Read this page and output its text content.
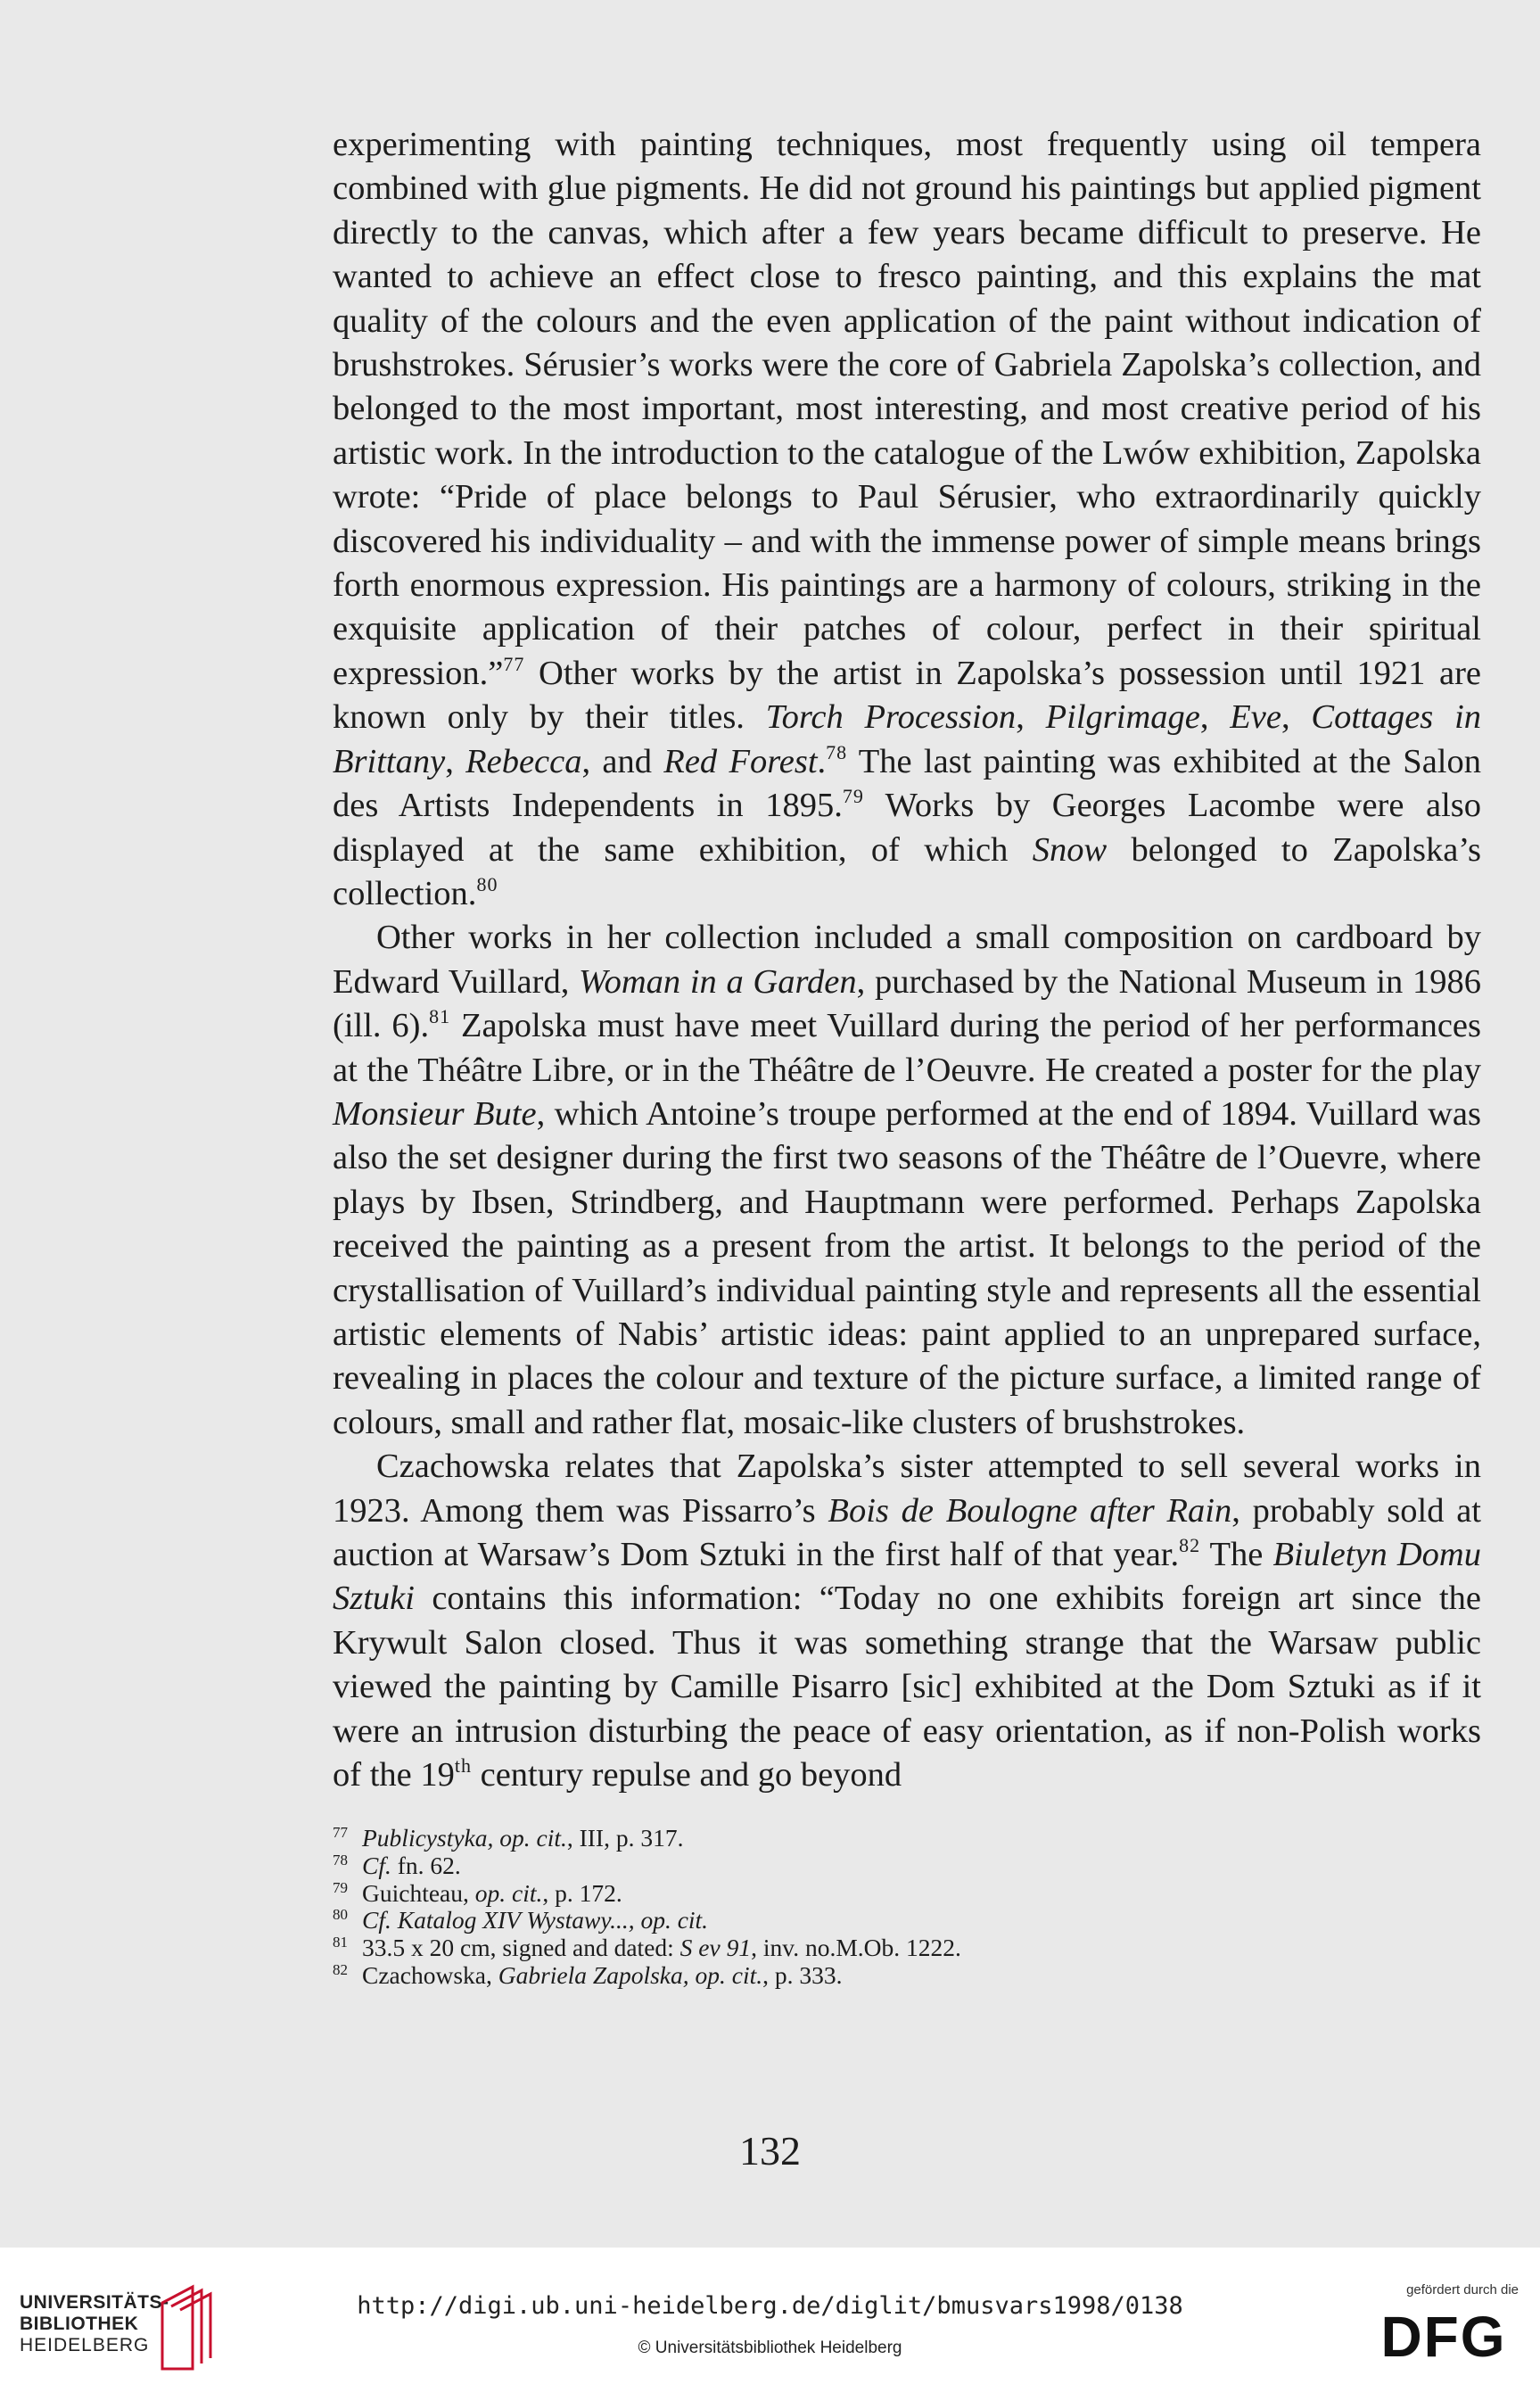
experimenting with painting techniques, most frequently using oil tempera combined with glue pigments. He did not ground his paintings but applied pigment directly to the canvas, which after a few years became difficult to preserve. He wanted to achieve an effect close to fresco painting, and this explains the mat quality of the colours and the even application of the paint without indication of brushstrokes. Sérusier’s works were the core of Gabriela Zapolska’s collection, and belonged to the most important, most interesting, and most creative period of his artistic work. In the introduction to the catalogue of the Lwów exhibition, Zapolska wrote: “Pride of place belongs to Paul Sérusier, who extraordinarily quickly discovered his individuality – and with the immense power of simple means brings forth enormous expression. His paintings are a harmony of colours, striking in the exquisite application of their patches of colour, perfect in their spiritual expression.”$^{77}$ Other works by the artist in Zapolska’s possession until 1921 are known only by their titles. Torch Procession, Pilgrimage, Eve, Cottages in Brittany, Rebecca, and Red Forest.$^{78}$ The last painting was exhibited at the Salon des Artists Independents in 1895.79 Works by Georges Lacombe were also displayed at the same exhibition, of which Snow belonged to Zapolska’s collection.$^{80}$

Other works in her collection included a small composition on cardboard by Edward Vuillard, Woman in a Garden, purchased by the National Museum in 1986 (ill. 6).$^{81}$ Zapolska must have meet Vuillard during the period of her performances at the Théâtre Libre, or in the Théâtre de l’Oeuvre. He created a poster for the play Monsieur Bute, which Antoine’s troupe performed at the end of 1894. Vuillard was also the set designer during the first two seasons of the Théâtre de l’Ouevre, where plays by Ibsen, Strindberg, and Hauptmann were performed. Perhaps Zapolska received the painting as a present from the artist. It belongs to the period of the crystallisation of Vuillard’s individual painting style and represents all the essential artistic elements of Nabis’ artistic ideas: paint applied to an unprepared surface, revealing in places the colour and texture of the picture surface, a limited range of colours, small and rather flat, mosaic-like clusters of brushstrokes.

Czachowska relates that Zapolska’s sister attempted to sell several works in 1923. Among them was Pissarro’s Bois de Boulogne after Rain, probably sold at auction at Warsaw’s Dom Sztuki in the first half of that year.$^{82}$ The Biuletyn Domu Sztuki contains this information: “Today no one exhibits foreign art since the Krywult Salon closed. Thus it was something strange that the Warsaw public viewed the painting by Camille Pisarro [sic] exhibited at the Dom Sztuki as if it were an intrusion disturbing the peace of easy orientation, as if non-Polish works of the 19th century repulse and go beyond

$^{77}$ Publicystyka, op. cit., III, p. 317.
$^{78}$ Cf. fn. 62.
$^{79}$ Guichteau, op. cit., p. 172.
$^{80}$ Cf. Katalog XIV Wystawy..., op. cit.
$^{81}$ 33.5 x 20 cm, signed and dated: S ev 91, inv. no.M.Ob. 1222.
$^{82}$ Czachowska, Gabriela Zapolska, op. cit., p. 333.
132
UNIVERSITÄTS-
BIBLIOTHEK
HEIDELBERG
http://digi.ub.uni-heidelberg.de/diglit/bmusvars1998/0138
© Universitätsbibliothek Heidelberg
gefördert durch die
DFG
